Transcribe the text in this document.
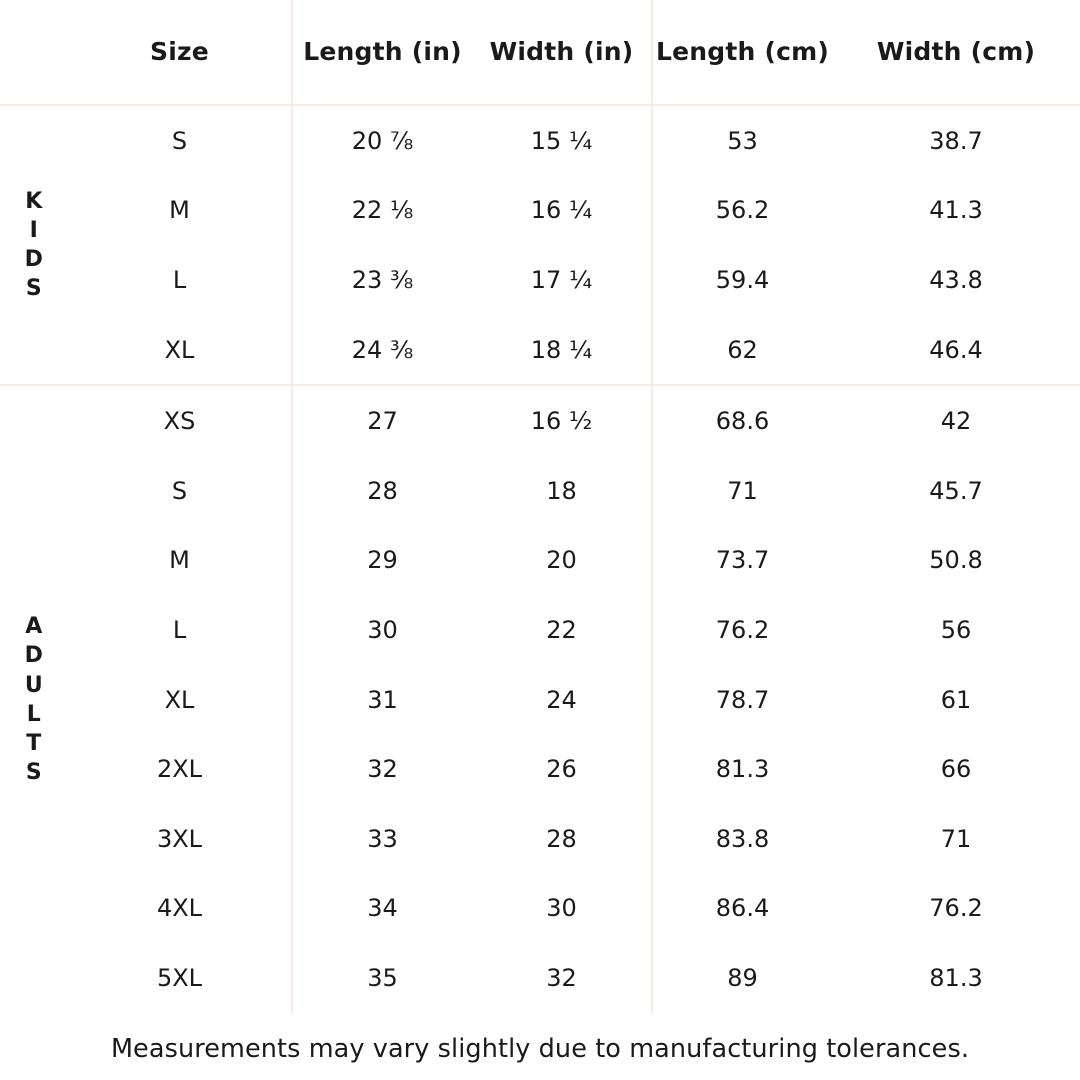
	Size	Length (in)	Width (in)	Length (cm)	Width (cm)

K
I
D
S	S	20 ⅞	15 ¼	53	38.7
	M	22 ⅛	16 ¼	56.2	41.3
	L	23 ⅜	17 ¼	59.4	43.8
	XL	24 ⅜	18 ¼	62	46.4

A
D
U
L
T
S
	XS	27	16 ½	68.6	42
	S	28	18	71	45.7
	M	29	20	73.7	50.8
	L	30	22	76.2	56
	XL	31	24	78.7	61
	2XL	32	26	81.3	66
	3XL	33	28	83.8	71
	4XL	34	30	86.4	76.2
	5XL	35	32	89	81.3
Measurements may vary slightly due to manufacturing tolerances.
